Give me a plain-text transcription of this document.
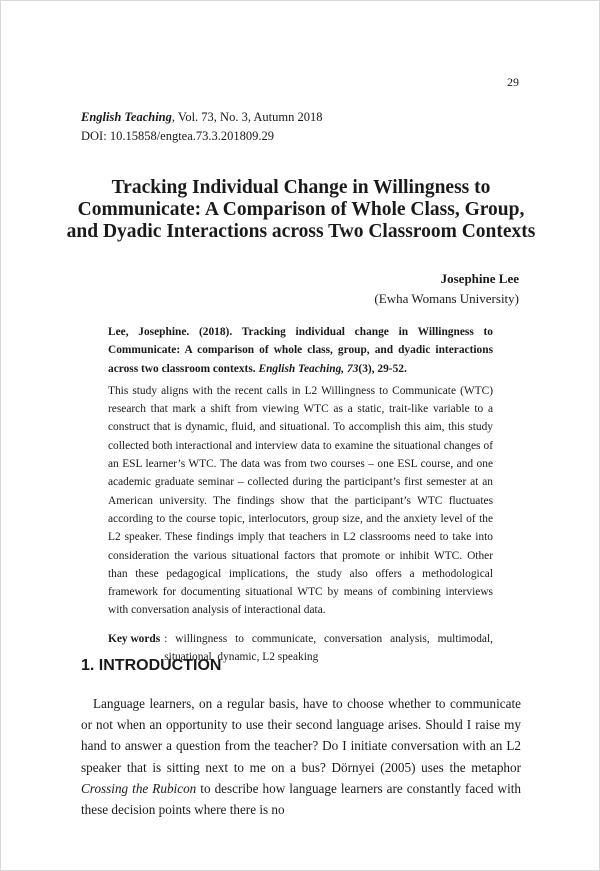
29
English Teaching, Vol. 73, No. 3, Autumn 2018
DOI: 10.15858/engtea.73.3.201809.29
Tracking Individual Change in Willingness to Communicate: A Comparison of Whole Class, Group, and Dyadic Interactions across Two Classroom Contexts
Josephine Lee
(Ewha Womans University)
Lee, Josephine. (2018). Tracking individual change in Willingness to Communicate: A comparison of whole class, group, and dyadic interactions across two classroom contexts. English Teaching, 73(3), 29-52.
This study aligns with the recent calls in L2 Willingness to Communicate (WTC) research that mark a shift from viewing WTC as a static, trait-like variable to a construct that is dynamic, fluid, and situational. To accomplish this aim, this study collected both interactional and interview data to examine the situational changes of an ESL learner’s WTC. The data was from two courses – one ESL course, and one academic graduate seminar – collected during the participant’s first semester at an American university. The findings show that the participant’s WTC fluctuates according to the course topic, interlocutors, group size, and the anxiety level of the L2 speaker. These findings imply that teachers in L2 classrooms need to take into consideration the various situational factors that promote or inhibit WTC. Other than these pedagogical implications, the study also offers a methodological framework for documenting situational WTC by means of combining interviews with conversation analysis of interactional data.
Key words : willingness to communicate, conversation analysis, multimodal, situational, dynamic, L2 speaking
1. INTRODUCTION
Language learners, on a regular basis, have to choose whether to communicate or not when an opportunity to use their second language arises. Should I raise my hand to answer a question from the teacher? Do I initiate conversation with an L2 speaker that is sitting next to me on a bus? Dörnyei (2005) uses the metaphor Crossing the Rubicon to describe how language learners are constantly faced with these decision points where there is no
